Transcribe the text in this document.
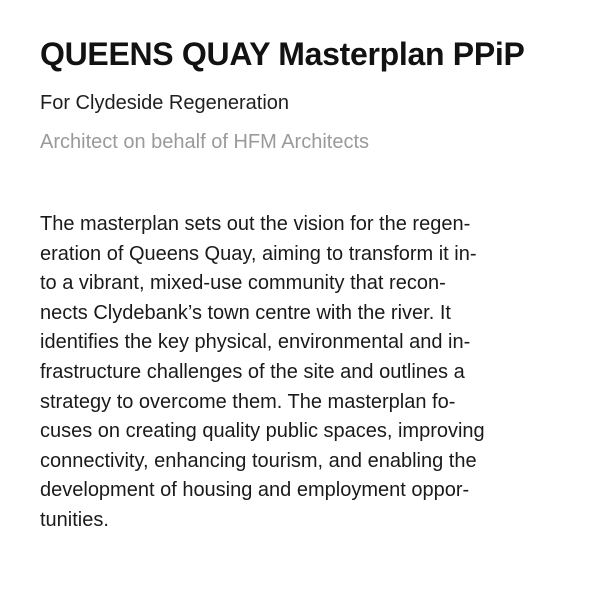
QUEENS QUAY Masterplan PPiP

For Clydeside Regeneration

Architect on behalf of HFM Architects

The masterplan sets out the vision for the regen-
eration of Queens Quay, aiming to transform it in-
to a vibrant, mixed-use community that recon-
nects Clydebank’s town centre with the river. It
identifies the key physical, environmental and in-
frastructure challenges of the site and outlines a
strategy to overcome them. The masterplan fo-
cuses on creating quality public spaces, improving
connectivity, enhancing tourism, and enabling the
development of housing and employment oppor-
tunities.
